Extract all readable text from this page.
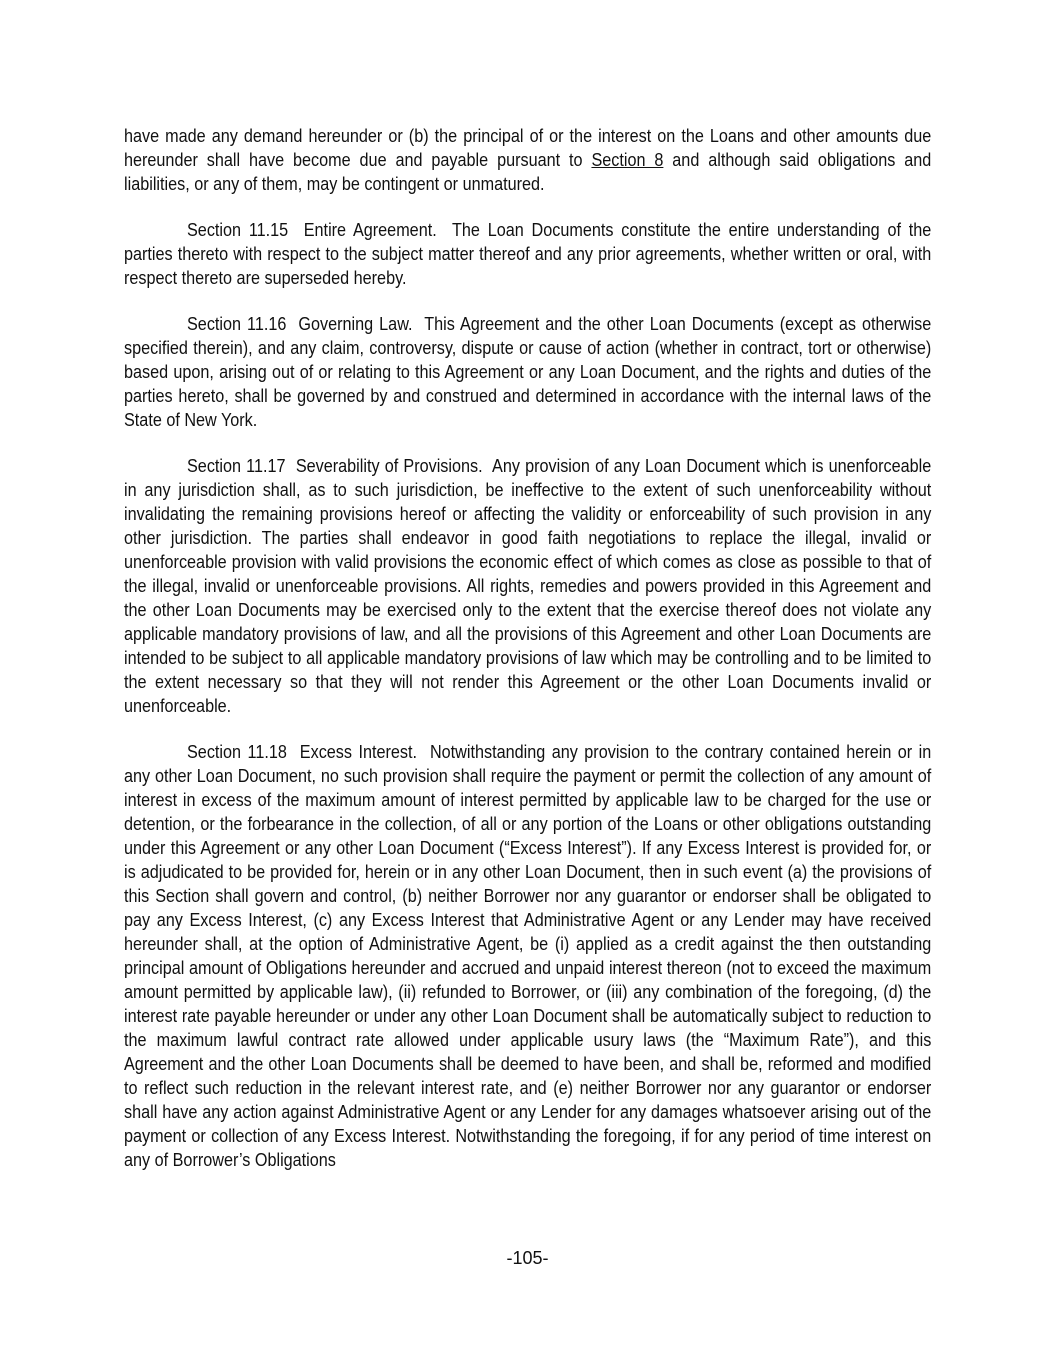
have made any demand hereunder or (b) the principal of or the interest on the Loans and other amounts due hereunder shall have become due and payable pursuant to Section 8 and although said obligations and liabilities, or any of them, may be contingent or unmatured.

Section 11.15 Entire Agreement. The Loan Documents constitute the entire understanding of the parties thereto with respect to the subject matter thereof and any prior agreements, whether written or oral, with respect thereto are superseded hereby.

Section 11.16 Governing Law. This Agreement and the other Loan Documents (except as otherwise specified therein), and any claim, controversy, dispute or cause of action (whether in contract, tort or otherwise) based upon, arising out of or relating to this Agreement or any Loan Document, and the rights and duties of the parties hereto, shall be governed by and construed and determined in accordance with the internal laws of the State of New York.

Section 11.17 Severability of Provisions. Any provision of any Loan Document which is unenforceable in any jurisdiction shall, as to such jurisdiction, be ineffective to the extent of such unenforceability without invalidating the remaining provisions hereof or affecting the validity or enforceability of such provision in any other jurisdiction. The parties shall endeavor in good faith negotiations to replace the illegal, invalid or unenforceable provision with valid provisions the economic effect of which comes as close as possible to that of the illegal, invalid or unenforceable provisions. All rights, remedies and powers provided in this Agreement and the other Loan Documents may be exercised only to the extent that the exercise thereof does not violate any applicable mandatory provisions of law, and all the provisions of this Agreement and other Loan Documents are intended to be subject to all applicable mandatory provisions of law which may be controlling and to be limited to the extent necessary so that they will not render this Agreement or the other Loan Documents invalid or unenforceable.

Section 11.18 Excess Interest. Notwithstanding any provision to the contrary contained herein or in any other Loan Document, no such provision shall require the payment or permit the collection of any amount of interest in excess of the maximum amount of interest permitted by applicable law to be charged for the use or detention, or the forbearance in the collection, of all or any portion of the Loans or other obligations outstanding under this Agreement or any other Loan Document (“Excess Interest”). If any Excess Interest is provided for, or is adjudicated to be provided for, herein or in any other Loan Document, then in such event (a) the provisions of this Section shall govern and control, (b) neither Borrower nor any guarantor or endorser shall be obligated to pay any Excess Interest, (c) any Excess Interest that Administrative Agent or any Lender may have received hereunder shall, at the option of Administrative Agent, be (i) applied as a credit against the then outstanding principal amount of Obligations hereunder and accrued and unpaid interest thereon (not to exceed the maximum amount permitted by applicable law), (ii) refunded to Borrower, or (iii) any combination of the foregoing, (d) the interest rate payable hereunder or under any other Loan Document shall be automatically subject to reduction to the maximum lawful contract rate allowed under applicable usury laws (the “Maximum Rate”), and this Agreement and the other Loan Documents shall be deemed to have been, and shall be, reformed and modified to reflect such reduction in the relevant interest rate, and (e) neither Borrower nor any guarantor or endorser shall have any action against Administrative Agent or any Lender for any damages whatsoever arising out of the payment or collection of any Excess Interest. Notwithstanding the foregoing, if for any period of time interest on any of Borrower’s Obligations

-105-
